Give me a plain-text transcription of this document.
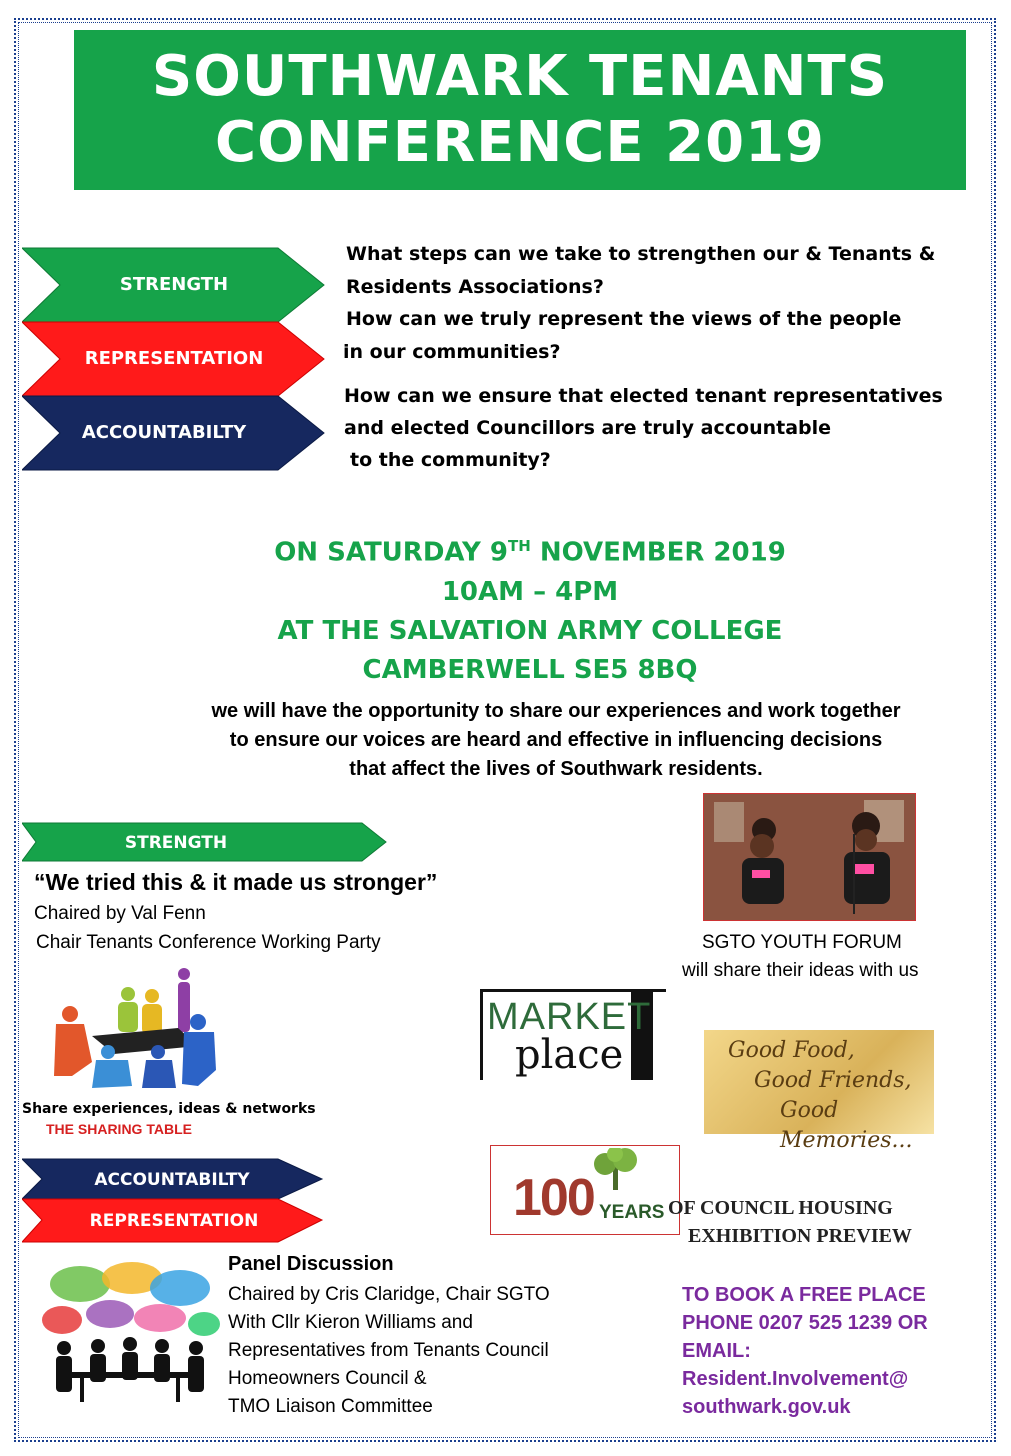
SOUTHWARK TENANTS
CONFERENCE 2019
STRENGTH
REPRESENTATION
ACCOUNTABILTY
What steps can we take to strengthen our & Tenants &
Residents Associations?
How can we truly represent the views of the people
in our communities?
How can we ensure that elected tenant representatives
and elected Councillors are truly accountable
to the community?
ON SATURDAY 9TH NOVEMBER 2019
10AM – 4PM
AT THE SALVATION ARMY COLLEGE
CAMBERWELL SE5 8BQ
we will have the opportunity to share our experiences and work together
to ensure our voices are heard and effective in influencing decisions
that affect the lives of Southwark residents.
STRENGTH
“We tried this & it made us stronger”
Chaired by Val Fenn
Chair Tenants Conference Working Party	SGTO YOUTH FORUM
will share their ideas with us
Share experiences, ideas & networks
THE SHARING TABLE
MARKET
place	Good Food,
Good Friends,
Good Memories...
ACCOUNTABILTY
REPRESENTATION	100 YEARS OF COUNCIL HOUSING
EXHIBITION PREVIEW
Panel Discussion
Chaired by Cris Claridge, Chair SGTO
With Cllr Kieron Williams and
Representatives from Tenants Council
Homeowners Council &
TMO Liaison Committee
TO BOOK A FREE PLACE
PHONE 0207 525 1239 OR
EMAIL:
Resident.Involvement@
southwark.gov.uk
